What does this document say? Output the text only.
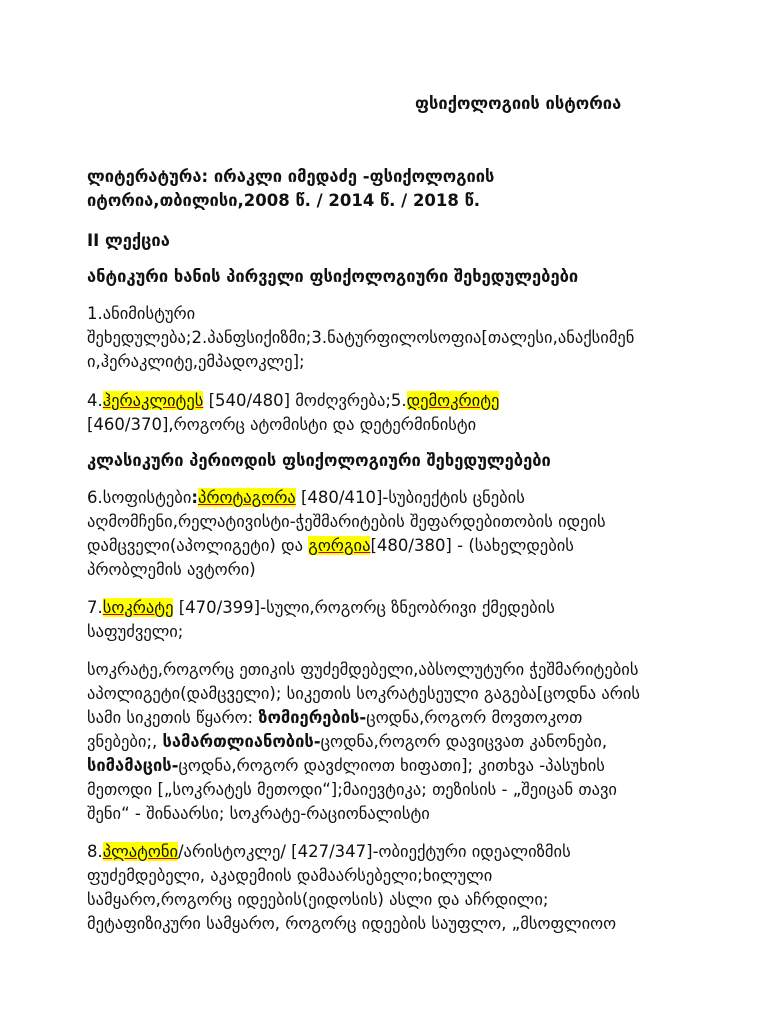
ფსიქოლოგიის ისტორია

ლიტერატურა: ირაკლი იმედაძე -ფსიქოლოგიის

იტორია,თბილისი,2008 წ. / 2014 წ. / 2018 წ.

II ლექცია

ანტიკური ხანის პირველი ფსიქოლოგიური შეხედულებები

1.ანიმისტური

შეხედულება;2.პანფსიქიზმი;3.ნატურფილოსოფია[თალესი,ანაქსიმენ

ი,ჰერაკლიტე,ემპადოკლე];

4.ჰერაკლიტეს [540/480] მოძღვრება;5.დემოკრიტე

[460/370],როგორც ატომისტი და დეტერმინისტი

კლასიკური პერიოდის ფსიქოლოგიური შეხედულებები

6.სოფისტები:პროტაგორა [480/410]-სუბიექტის ცნების

აღმომჩენი,რელატივისტი-ჭეშმარიტების შეფარდებითობის იდეის

დამცველი(აპოლიგეტი) და გორგია[480/380] - (სახელდების

პრობლემის ავტორი)

7.სოკრატე [470/399]-სული,როგორც ზნეობრივი ქმედების

საფუძველი;

სოკრატე,როგორც ეთიკის ფუძემდებელი,აბსოლუტური ჭეშმარიტების

აპოლიგეტი(დამცველი); სიკეთის სოკრატესეული გაგება[ცოდნა არის

სამი სიკეთის წყარო: ზომიერების-ცოდნა,როგორ მოვთოკოთ

ვნებები;, სამართლიანობის-ცოდნა,როგორ დავიცვათ კანონები,

სიმამაცის-ცოდნა,როგორ დავძლიოთ ხიფათი]; კითხვა -პასუხის

მეთოდი [„სოკრატეს მეთოდი“];მაიევტიკა; თეზისის - „შეიცან თავი

შენი“ - შინაარსი; სოკრატე-რაციონალისტი

8.პლატონი/არისტოკლე/ [427/347]-ობიექტური იდეალიზმის

ფუძემდებელი, აკადემიის დამაარსებელი;ხილული

სამყარო,როგორც იდეების(ეიდოსის) ასლი და აჩრდილი;

მეტაფიზიკური სამყარო, როგორც იდეების საუფლო, „მსოფლიოო
